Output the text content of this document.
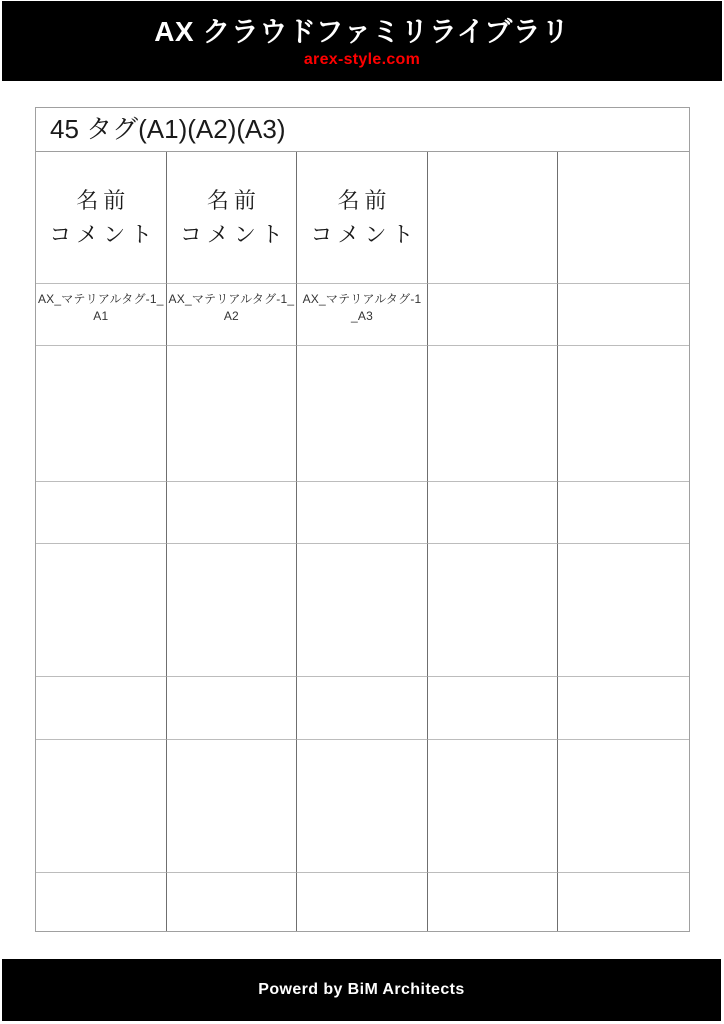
AX クラウドファミリライブラリ
arex-style.com
45 タグ(A1)(A2)(A3)
名前
コメント
名前
コメント
名前
コメント
AX_マテリアルタグ-1_
A1
AX_マテリアルタグ-1_
A2
AX_マテリアルタグ-1
_A3
Powerd by BiM Architects
